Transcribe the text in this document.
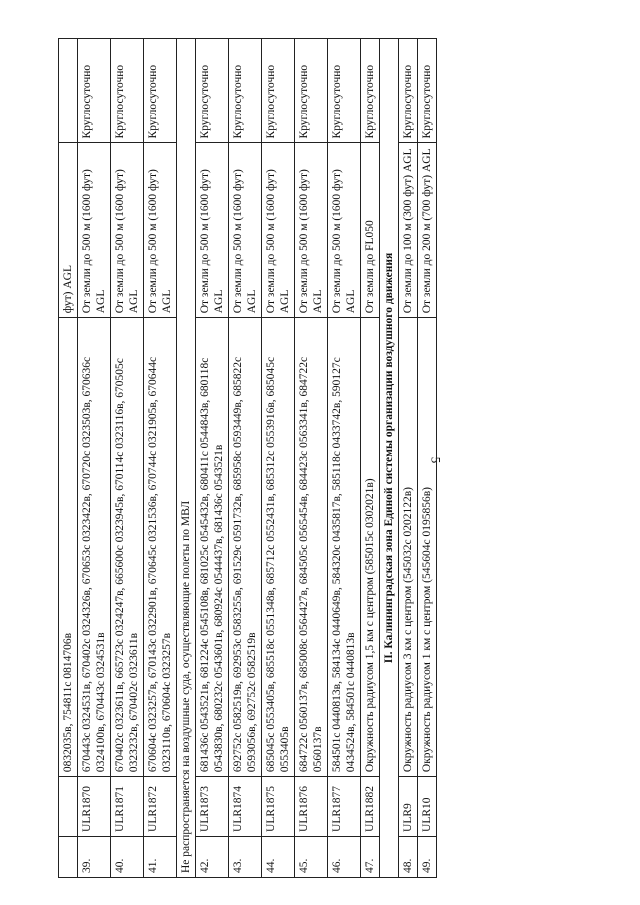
5
		0832035в, 754811с 0814706в	фут) AGL	
39.	ULR1870	670443с 0324531в, 670402с 0324326в, 670653с 0323422в, 670720с 0323503в, 670636с 0324100в, 670443с 0324531в	От земли до 500 м (1600 фут) AGL	Круглосуточно
40.	ULR1871	670402с 0323611в, 665723с 0324247в, 665600с 0323945в, 670114с 0323116в, 670505с 0323232в, 670402с 0323611в	От земли до 500 м (1600 фут) AGL	Круглосуточно
41.	ULR1872	670604с 0323257в, 670143с 0322901в, 670645с 0321536в, 670744с 0321905в, 670644с 0323110в, 670604с 0323257в	От земли до 500 м (1600 фут) AGL	Круглосуточно
Не распространяется на воздушные суда, осуществляющие полеты по МВЛ				
42.	ULR1873	681436с 0543521в, 681224с 0545108в, 681025с 0545432в, 680411с 0544843в, 680118с 0543830в, 680232с 0543601в, 680924с 0544437в, 681436с 0543521в	От земли до 500 м (1600 фут) AGL	Круглосуточно
43.	ULR1874	692752с 0582519в, 692953с 0583255в, 691529с 0591732в, 685958с 0593449в, 685822с 0593056в, 692752с 0582519в	От земли до 500 м (1600 фут) AGL	Круглосуточно
44.	ULR1875	685045с 0553405в, 685518с 0551348в, 685712с 0552431в, 685312с 0553916в, 685045с 0553405в	От земли до 500 м (1600 фут) AGL	Круглосуточно
45.	ULR1876	684722с 0560137в, 685008с 0564427в, 684505с 0565454в, 684423с 0563341в, 684722с 0560137в	От земли до 500 м (1600 фут) AGL	Круглосуточно
46.	ULR1877	584501с 0440813в, 584134с 0440649в, 584320с 0435817в, 585118с 0433742в, 590127с 0434524в, 584501с 0440813в	От земли до 500 м (1600 фут) AGL	Круглосуточно
47.	ULR1882	Окружность радиусом 1,5 км с центром (585015с 0302021в)	От земли до FL050	Круглосуточно
II. Калининградская зона Единой системы организации воздушного движения				
48.	ULR9	Окружность радиусом 3 км с центром (545032с 0202122в)	От земли до 100 м (300 фут) AGL	Круглосуточно
49.	ULR10	Окружность радиусом 1 км с центром (545604с 0195856в)	От земли до 200 м (700 фут) AGL	Круглосуточно
